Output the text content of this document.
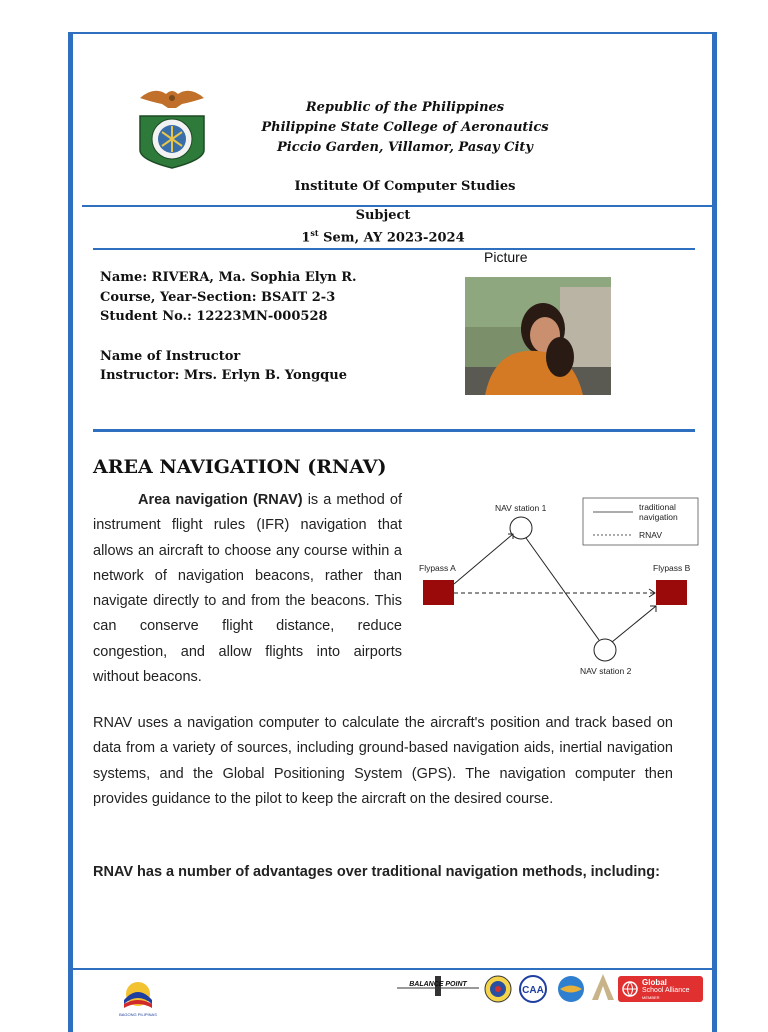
Republic of the Philippines
Philippine State College of Aeronautics
Piccio Garden, Villamor, Pasay City
Institute Of Computer Studies
Subject
1st Sem, AY 2023-2024
Picture
Name: RIVERA, Ma. Sophia Elyn R.
Course, Year-Section: BSAIT 2-3
Student No.: 12223MN-000528
Name of Instructor
Instructor: Mrs. Erlyn B. Yongque
AREA NAVIGATION (RNAV)
Area navigation (RNAV) is a method of instrument flight rules (IFR) navigation that allows an aircraft to choose any course within a network of navigation beacons, rather than navigate directly to and from the beacons. This can conserve flight distance, reduce congestion, and allow flights into airports without beacons.
traditional
navigation
RNAV
NAV station 1
NAV station 2
Flypass A	Flypass B
RNAV uses a navigation computer to calculate the aircraft's position and track based on data from a variety of sources, including ground-based navigation aids, inertial navigation systems, and the Global Positioning System (GPS). The navigation computer then provides guidance to the pilot to keep the aircraft on the desired course.
RNAV has a number of advantages over traditional navigation methods, including:
BAGONG PILIPINAS
BALANCE POINT
CAA
Global
School Alliance
MEMBER
